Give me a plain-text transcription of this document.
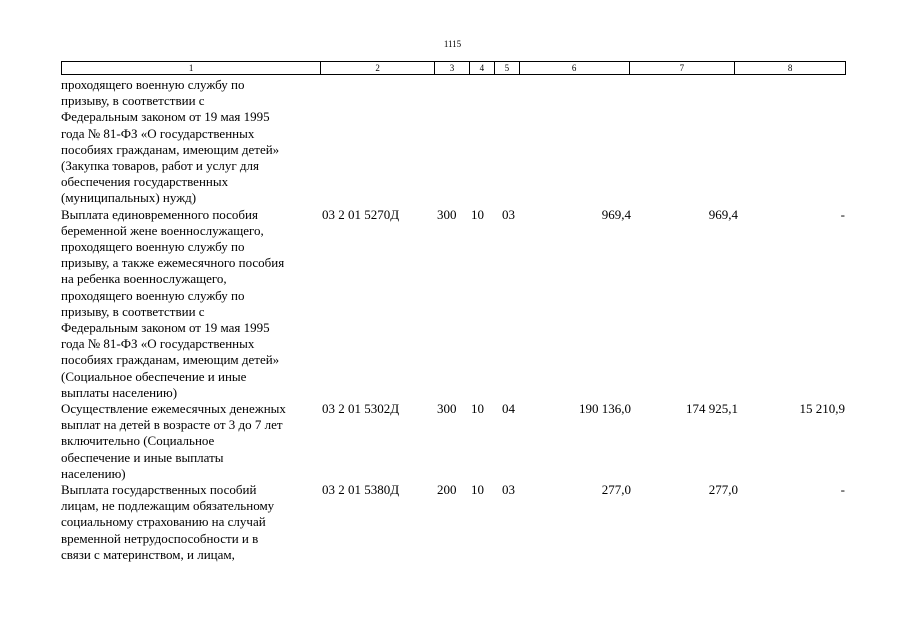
1115
1	2	3	4	5	6	7	8
проходящего военную службу по
призыву, в соответствии с
Федеральным законом от 19 мая 1995
года № 81-ФЗ «О государственных
пособиях гражданам, имеющим детей»
(Закупка товаров, работ и услуг для
обеспечения государственных
(муниципальных) нужд)
Выплата единовременного пособия
беременной жене военнослужащего,
проходящего военную службу по
призыву, а также ежемесячного пособия
на ребенка военнослужащего,
проходящего военную службу по
призыву, в соответствии с
Федеральным законом от 19 мая 1995
года № 81-ФЗ «О государственных
пособиях гражданам, имеющим детей»
(Социальное обеспечение и иные
выплаты населению)
03 2 01 5270Д	300 10 03	969,4	969,4	-
Осуществление ежемесячных денежных
выплат на детей в возрасте от 3 до 7 лет
включительно (Социальное
обеспечение и иные выплаты
населению)
03 2 01 5302Д	300 10 04	190 136,0	174 925,1	15 210,9
Выплата государственных пособий
лицам, не подлежащим обязательному
социальному страхованию на случай
временной нетрудоспособности и в
связи с материнством, и лицам,
03 2 01 5380Д	200 10 03	277,0	277,0	-
